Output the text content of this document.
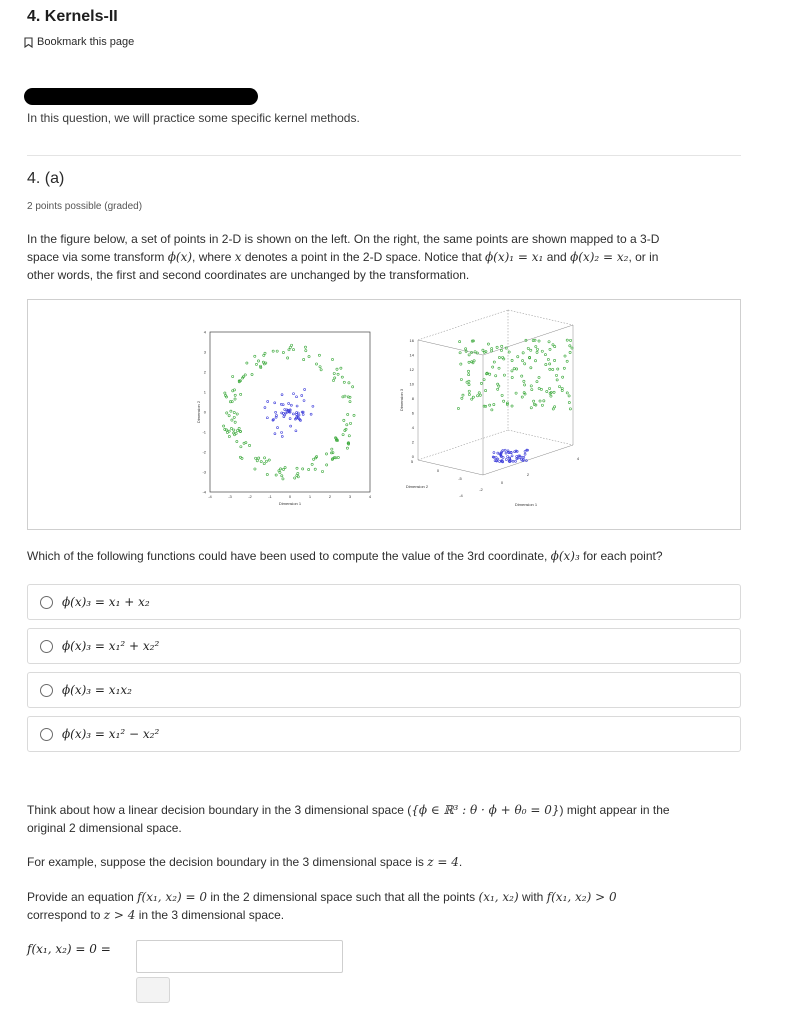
4. Kernels-II
Bookmark this page
In this question, we will practice some specific kernel methods.
4. (a)
2 points possible (graded)
In the figure below, a set of points in 2-D is shown on the left. On the right, the same points are shown mapped to a 3-D
space via some transform ϕ(x), where x denotes a point in the 2-D space. Notice that ϕ(x)₁ = x₁ and ϕ(x)₂ = x₂, or in
other words, the first and second coordinates are unchanged by the transformation.
4
3
2
1
0
-1
-2
-3
-4
-4	-3	-2	-1	0	1	2	3	4
Dimension 2
Dimension 1
16
14
12
10
8
6
4
2
0
5
0
-5
-4
-2
0
2
4
Dimension 3
Dimension 2
Dimension 1
Which of the following functions could have been used to compute the value of the 3rd coordinate, ϕ(x)₃ for each point?
ϕ(x)₃ = x₁ + x₂
ϕ(x)₃ = x₁² + x₂²
ϕ(x)₃ = x₁x₂
ϕ(x)₃ = x₁² − x₂²
Think about how a linear decision boundary in the 3 dimensional space ({ϕ ∈ ℝ³ : θ · ϕ + θ₀ = 0}) might appear in the
original 2 dimensional space.
For example, suppose the decision boundary in the 3 dimensional space is z = 4.
Provide an equation f(x₁, x₂) = 0 in the 2 dimensional space such that all the points (x₁, x₂) with f(x₁, x₂) > 0
correspond to z > 4 in the 3 dimensional space.
f(x₁, x₂) = 0 =
